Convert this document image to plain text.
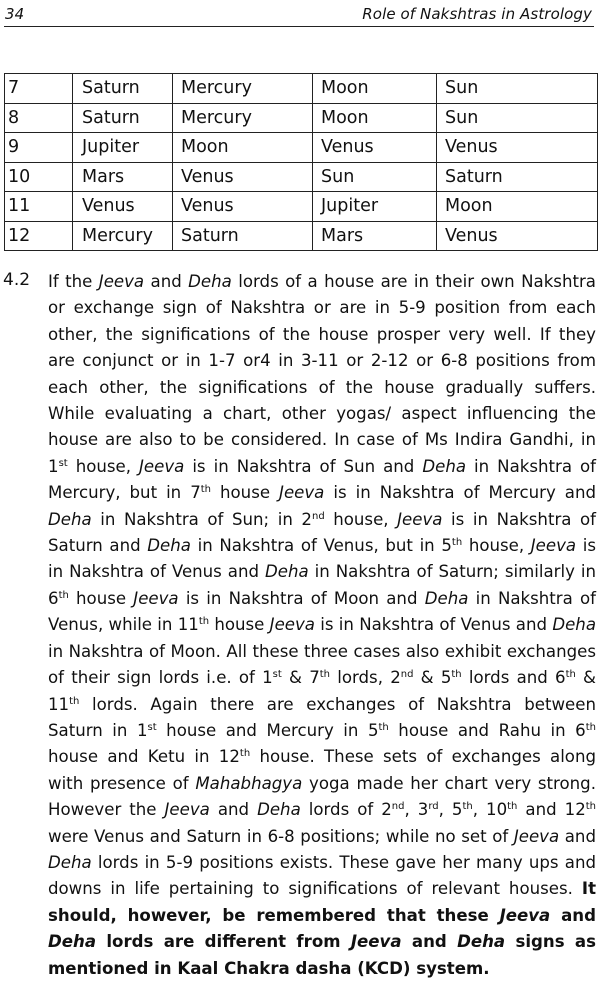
34	Role of Nakshtras in Astrology
7	Saturn	Mercury	Moon	Sun
8	Saturn	Mercury	Moon	Sun
9	Jupiter	Moon	Venus	Venus
10	Mars	Venus	Sun	Saturn
11	Venus	Venus	Jupiter	Moon
12	Mercury	Saturn	Mars	Venus
4.2 If the Jeeva and Deha lords of a house are in their own Nakshtra or exchange sign of Nakshtra or are in 5-9 position from each other, the significations of the house prosper very well. If they are conjunct or in 1-7 or4 in 3-11 or 2-12 or 6-8 positions from each other, the significations of the house gradually suffers. While evaluating a chart, other yogas/ aspect influencing the house are also to be considered. In case of Ms Indira Gandhi, in 1st house, Jeeva is in Nakshtra of Sun and Deha in Nakshtra of Mercury, but in 7th house Jeeva is in Nakshtra of Mercury and Deha in Nakshtra of Sun; in 2nd house, Jeeva is in Nakshtra of Saturn and Deha in Nakshtra of Venus, but in 5th house, Jeeva is in Nakshtra of Venus and Deha in Nakshtra of Saturn; similarly in 6th house Jeeva is in Nakshtra of Moon and Deha in Nakshtra of Venus, while in 11th house Jeeva is in Nakshtra of Venus and Deha in Nakshtra of Moon. All these three cases also exhibit exchanges of their sign lords i.e. of 1st & 7th lords, 2nd & 5th lords and 6th & 11th lords. Again there are exchanges of Nakshtra between Saturn in 1st house and Mercury in 5th house and Rahu in 6th house and Ketu in 12th house. These sets of exchanges along with presence of Mahabhagya yoga made her chart very strong. However the Jeeva and Deha lords of 2nd, 3rd, 5th, 10th and 12th were Venus and Saturn in 6-8 positions; while no set of Jeeva and Deha lords in 5-9 positions exists. These gave her many ups and downs in life pertaining to significations of relevant houses. It should, however, be remembered that these Jeeva and Deha lords are different from Jeeva and Deha signs as mentioned in Kaal Chakra dasha (KCD) system.
